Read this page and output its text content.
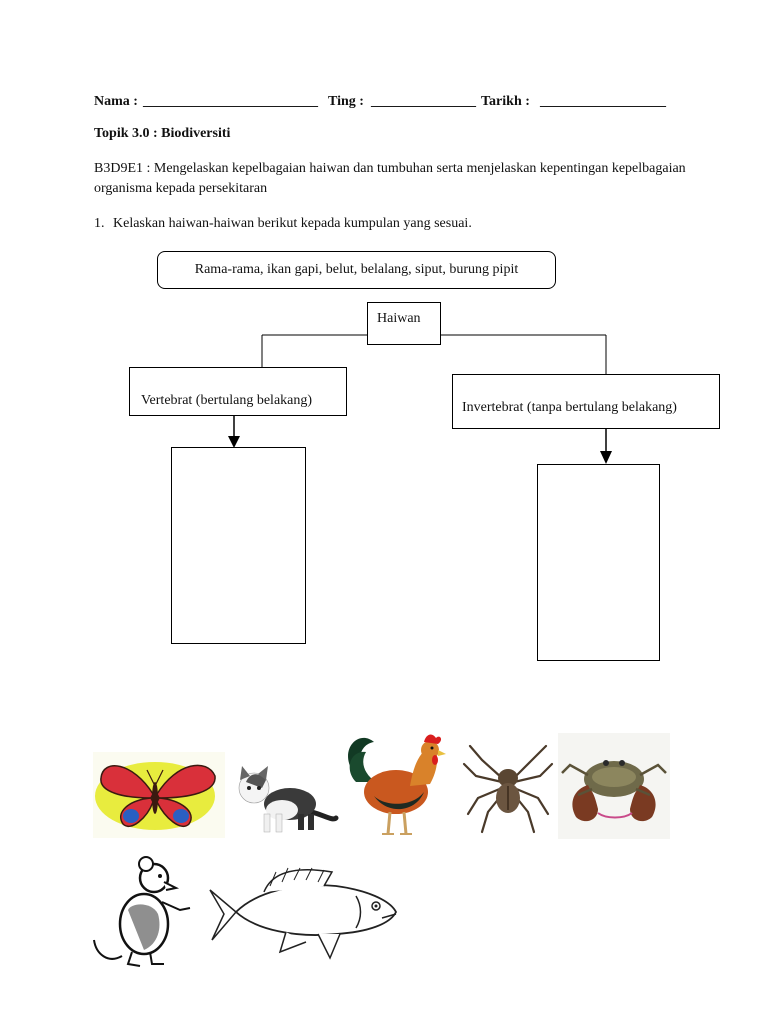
Nama : _________________________ Ting : _______________ Tarikh : __________________
Topik 3.0 : Biodiversiti
B3D9E1 : Mengelaskan kepelbagaian haiwan dan tumbuhan serta menjelaskan kepentingan kepelbagaian organisma kepada persekitaran
1. Kelaskan haiwan-haiwan berikut kepada kumpulan yang sesuai.
Rama-rama, ikan gapi, belut, belalang, siput, burung pipit
Haiwan
Vertebrat (bertulang belakang)	Invertebrat (tanpa bertulang belakang)
